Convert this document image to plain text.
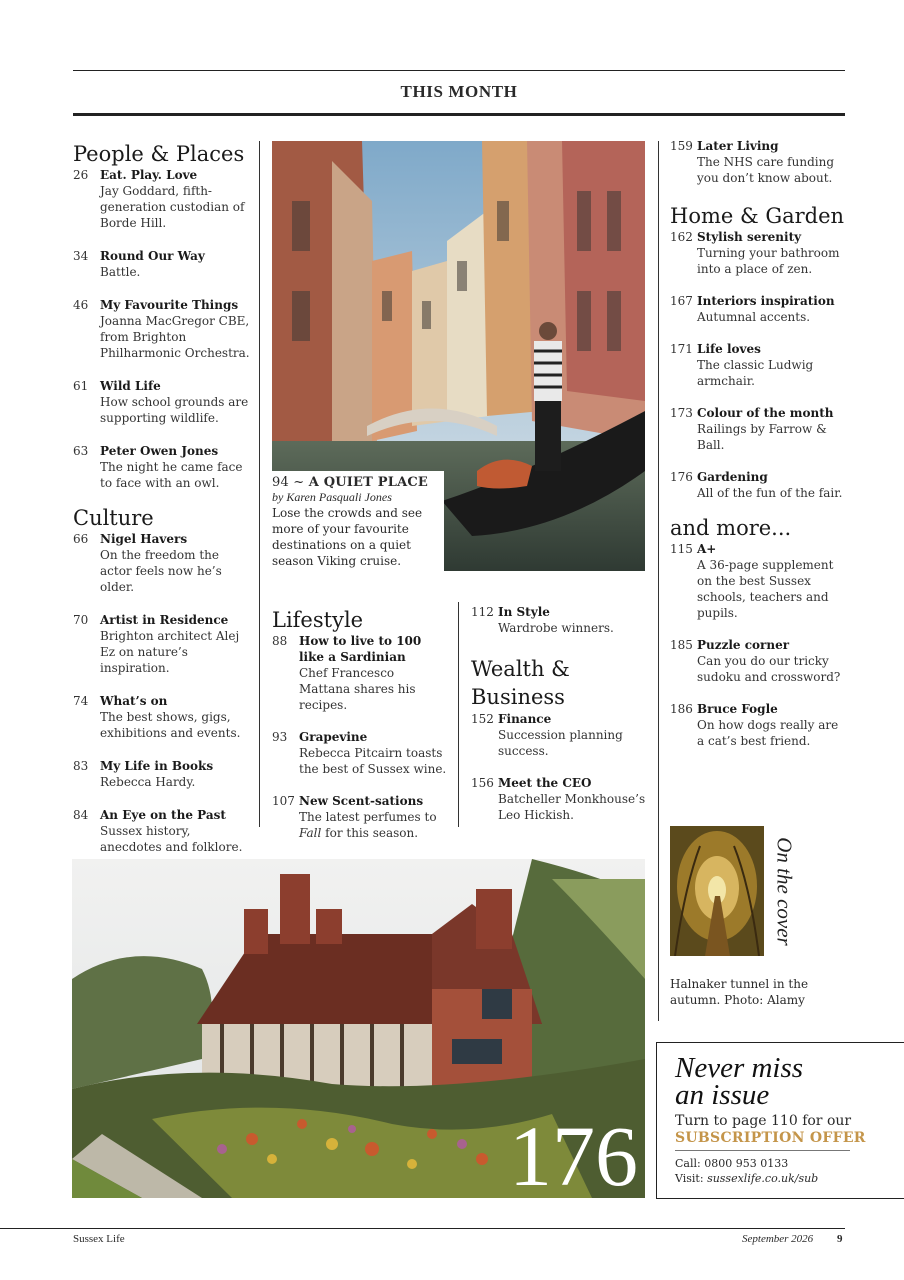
THIS MONTH
People & Places
26 Eat. Play. Love
Jay Goddard, fifth-generation custodian of Borde Hill.
34 Round Our Way
Battle.
46 My Favourite Things
Joanna MacGregor CBE, from Brighton Philharmonic Orchestra.
61 Wild Life
How school grounds are supporting wildlife.
63 Peter Owen Jones
The night he came face to face with an owl.
Culture
66 Nigel Havers
On the freedom the actor feels now he’s older.
70 Artist in Residence
Brighton architect Alej Ez on nature’s inspiration.
74 What’s on
The best shows, gigs, exhibitions and events.
83 My Life in Books
Rebecca Hardy.
84 An Eye on the Past
Sussex history, anecdotes and folklore.
94 ~ A QUIET PLACE
by Karen Pasquali Jones
Lose the crowds and see more of your favourite destinations on a quiet season Viking cruise.
Lifestyle
88 How to live to 100 like a Sardinian
Chef Francesco Mattana shares his recipes.
93 Grapevine
Rebecca Pitcairn toasts the best of Sussex wine.
107 New Scent-sations
The latest perfumes to Fall for this season.
112 In Style
Wardrobe winners.
Wealth &
Business
152 Finance
Succession planning success.
156 Meet the CEO
Batcheller Monkhouse’s Leo Hickish.
159 Later Living
The NHS care funding you don’t know about.
Home & Garden
162 Stylish serenity
Turning your bathroom into a place of zen.
167 Interiors inspiration
Autumnal accents.
171 Life loves
The classic Ludwig armchair.
173 Colour of the month
Railings by Farrow & Ball.
176 Gardening
All of the fun of the fair.
and more...
115 A+
A 36-page supplement on the best Sussex schools, teachers and pupils.
185 Puzzle corner
Can you do our tricky sudoku and crossword?
186 Bruce Fogle
On how dogs really are a cat’s best friend.
On the cover
Halnaker tunnel in the autumn. Photo: Alamy
176
Never miss
an issue
Turn to page 110 for our
SUBSCRIPTION OFFER
Call: 0800 953 0133
Visit: sussexlife.co.uk/sub
Sussex Life	September 2026 9
